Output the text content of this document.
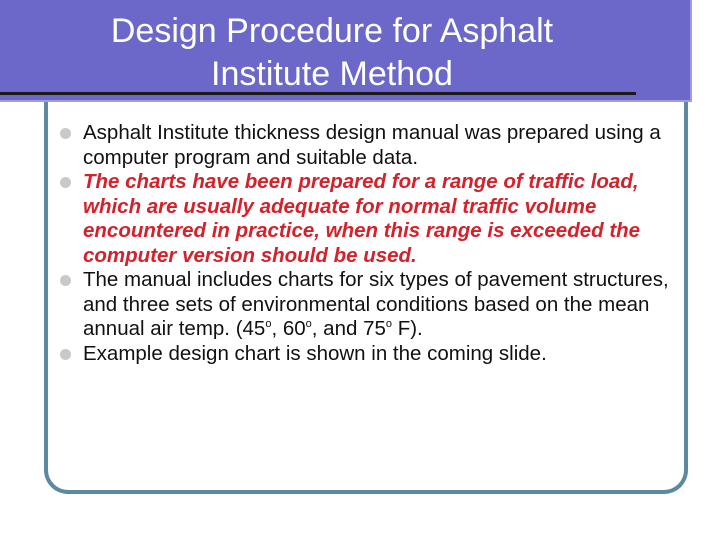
Design Procedure for Asphalt
Institute Method
Asphalt Institute thickness design manual was prepared using a computer program and suitable data.
The charts have been prepared for a range of traffic load, which are usually adequate for normal traffic volume encountered in practice, when this range is exceeded the computer version should be used.
The manual includes charts for six types of pavement structures, and three sets of environmental conditions based on the mean annual air temp. (45$^o$, 60$^o$, and 75$^o$ F).
Example design chart is shown in the coming slide.
